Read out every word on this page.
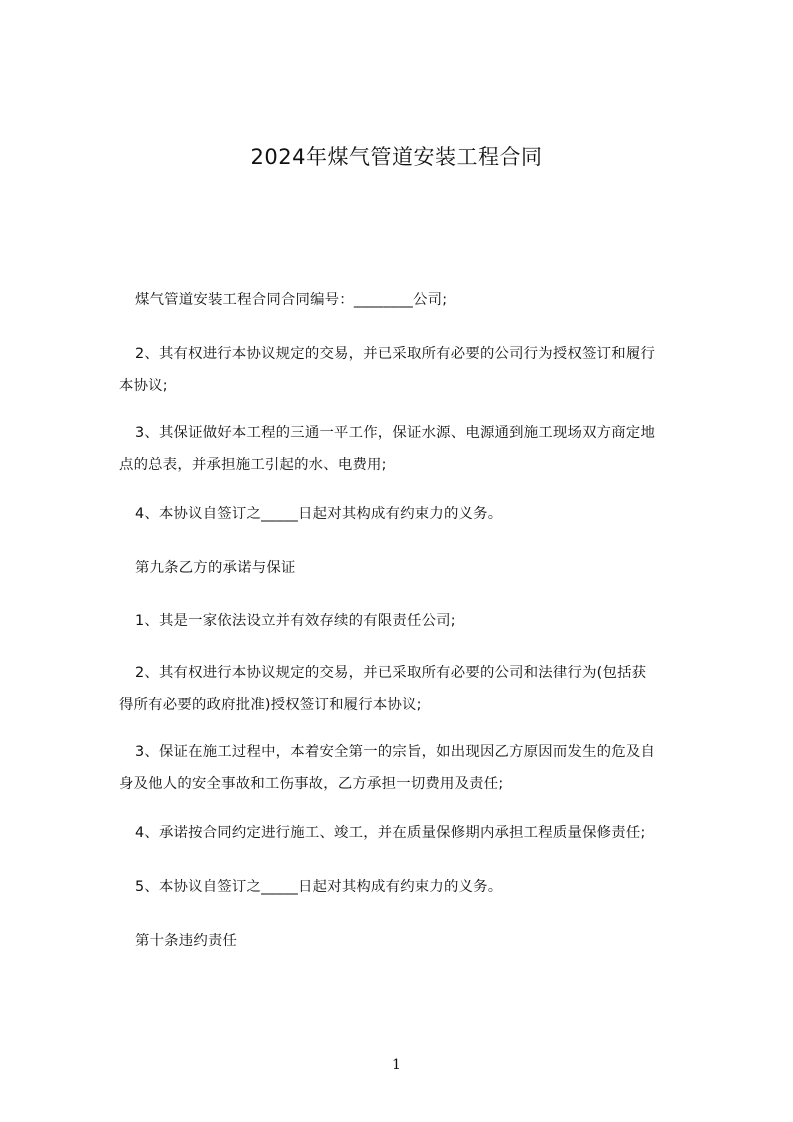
2024年煤气管道安装工程合同
煤气管道安装工程合同合同编号：________公司;
2、其有权进行本协议规定的交易，并已采取所有必要的公司行为授权签订和履行
本协议;
3、其保证做好本工程的三通一平工作，保证水源、电源通到施工现场双方商定地
点的总表，并承担施工引起的水、电费用;
4、本协议自签订之_____日起对其构成有约束力的义务。
第九条乙方的承诺与保证
1、其是一家依法设立并有效存续的有限责任公司;
2、其有权进行本协议规定的交易，并已采取所有必要的公司和法律行为(包括获
得所有必要的政府批准)授权签订和履行本协议;
3、保证在施工过程中，本着安全第一的宗旨，如出现因乙方原因而发生的危及自
身及他人的安全事故和工伤事故，乙方承担一切费用及责任;
4、承诺按合同约定进行施工、竣工，并在质量保修期内承担工程质量保修责任;
5、本协议自签订之_____日起对其构成有约束力的义务。
第十条违约责任
1
